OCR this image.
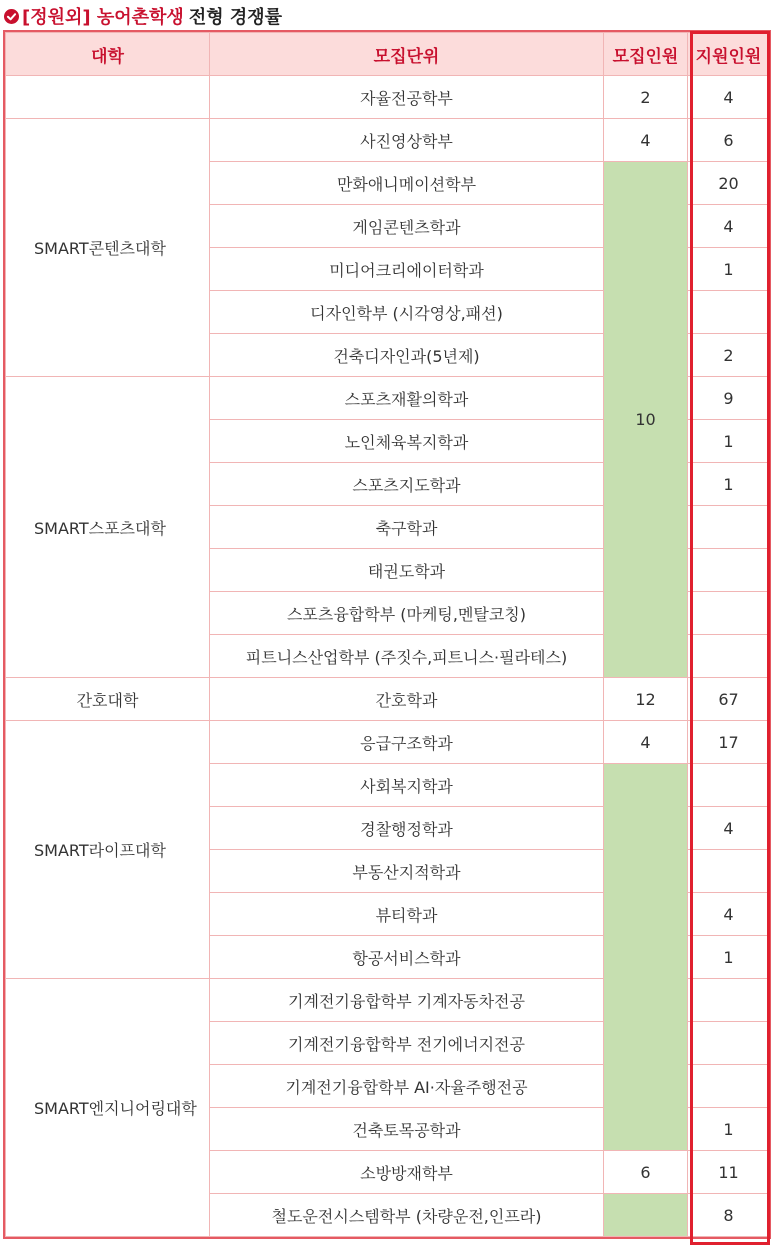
[정원외] 농어촌학생 전형 경쟁률
대학	모집단위	모집인원	지원인원
	자율전공학부	2	4
SMART콘텐츠대학	사진영상학부	4	6
	만화애니메이션학부	10	20
	게임콘텐츠학과		4
	미디어크리에이터학과		1
	디자인학부 (시각영상,패션)		
	건축디자인과(5년제)		2
SMART스포츠대학	스포츠재활의학과		9
	노인체육복지학과		1
	스포츠지도학과		1
	축구학과		
	태권도학과		
	스포츠융합학부 (마케팅,멘탈코칭)		
	피트니스산업학부 (주짓수,피트니스·필라테스)		
간호대학	간호학과	12	67
SMART라이프대학	응급구조학과	4	17
	사회복지학과		
	경찰행정학과		4
	부동산지적학과		
	뷰티학과		4
	항공서비스학과		1
SMART엔지니어링대학	기계전기융합학부 기계자동차전공		
	기계전기융합학부 전기에너지전공		
	기계전기융합학부 AI·자율주행전공		
	건축토목공학과		1
	소방방재학부	6	11
	철도운전시스템학부 (차량운전,인프라)		8
